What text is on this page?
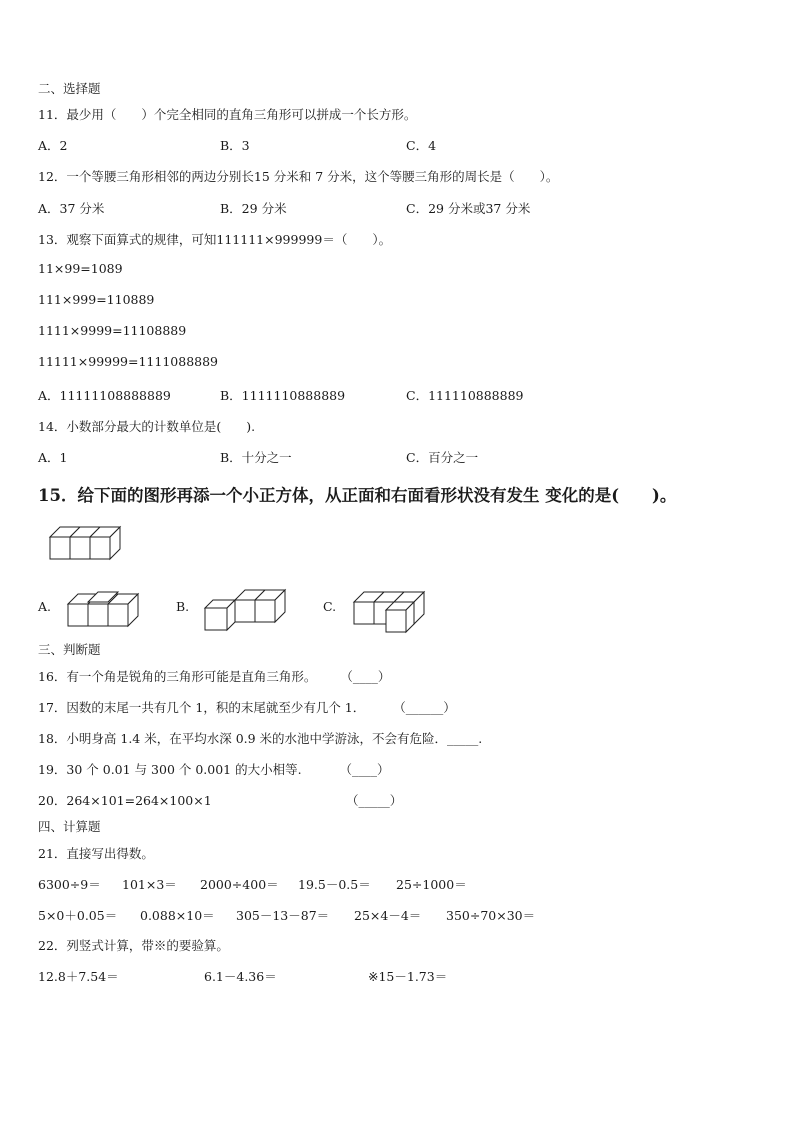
二、选择题
11．最少用（　　）个完全相同的直角三角形可以拼成一个长方形。
A．2	B．3	C．4
12．一个等腰三角形相邻的两边分别长15 分米和 7 分米，这个等腰三角形的周长是（　　）。
A．37 分米	B．29 分米	C．29 分米或37 分米
13．观察下面算式的规律，可知111111×999999＝（　　）。
11×99=1089
111×999=110889
1111×9999=11108889
11111×99999=1111088889
A．11111108888889	B．1111110888889	C．111110888889
14．小数部分最大的计数单位是(　　).
A．1	B．十分之一	C．百分之一
15．给下面的图形再添一个小正方体，从正面和右面看形状没有发生 变化的是(　　)。
A.	B.	C.
三、判断题
16．有一个角是锐角的三角形可能是直角三角形。 （____）
17．因数的末尾一共有几个 1，积的末尾就至少有几个 1． （______）
18．小明身高 1.4 米，在平均水深 0.9 米的水池中学游泳，不会有危险．_____.
19．30 个 0.01 与 300 个 0.001 的大小相等.	（____）
20．264×101=264×100×1	（_____）
四、计算题
21．直接写出得数。
6300÷9＝ 101×3＝ 2000÷400＝ 19.5－0.5＝ 25÷1000＝
5×0＋0.05＝ 0.088×10＝ 305－13－87＝ 25×4－4＝ 350÷70×30＝
22．列竖式计算，带※的要验算。
12.8＋7.54＝	6.1－4.36＝	※15－1.73＝
